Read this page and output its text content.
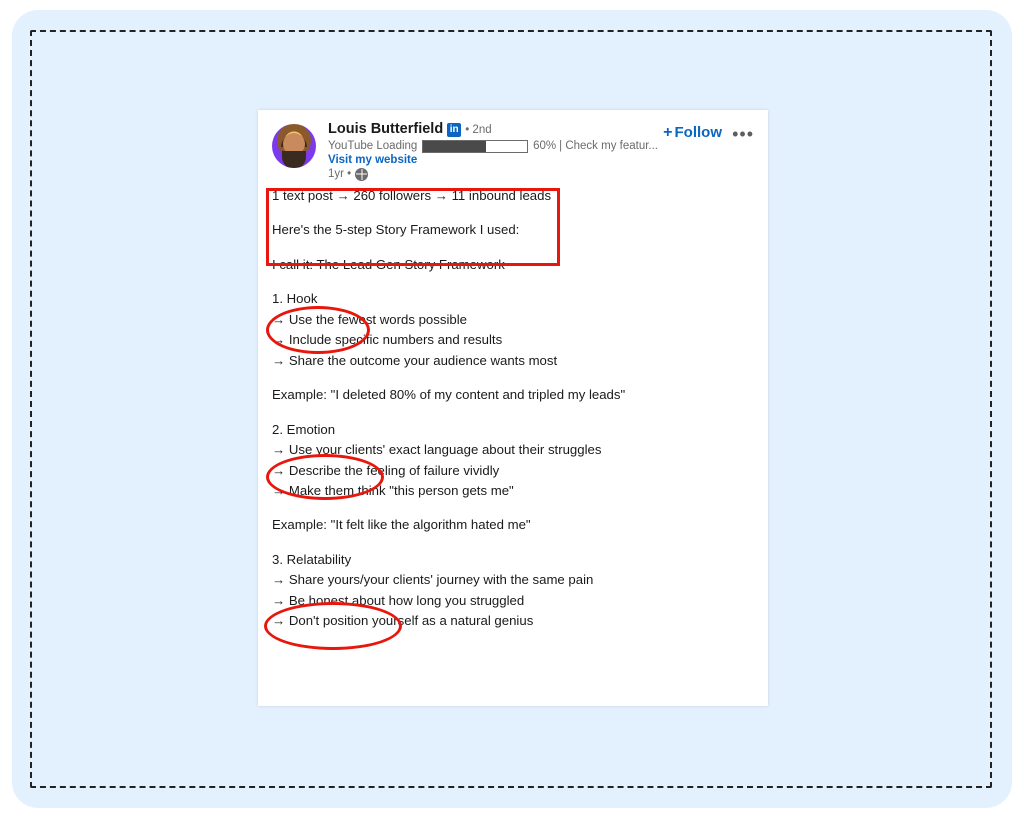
Louis Butterfield in • 2nd
YouTube Loading	60% | Check my featur...
Visit my website
1yr •
+ Follow •••

1 text post → 260 followers → 11 inbound leads

Here's the 5-step Story Framework I used:

I call it: The Lead Gen Story Framework

1. Hook

→ Use the fewest words possible

→ Include specific numbers and results

→ Share the outcome your audience wants most

Example: "I deleted 80% of my content and tripled my leads"

2. Emotion

→ Use your clients' exact language about their struggles

→ Describe the feeling of failure vividly

→ Make them think "this person gets me"

Example: "It felt like the algorithm hated me"

3. Relatability

→ Share yours/your clients' journey with the same pain

→ Be honest about how long you struggled

→ Don't position yourself as a natural genius
